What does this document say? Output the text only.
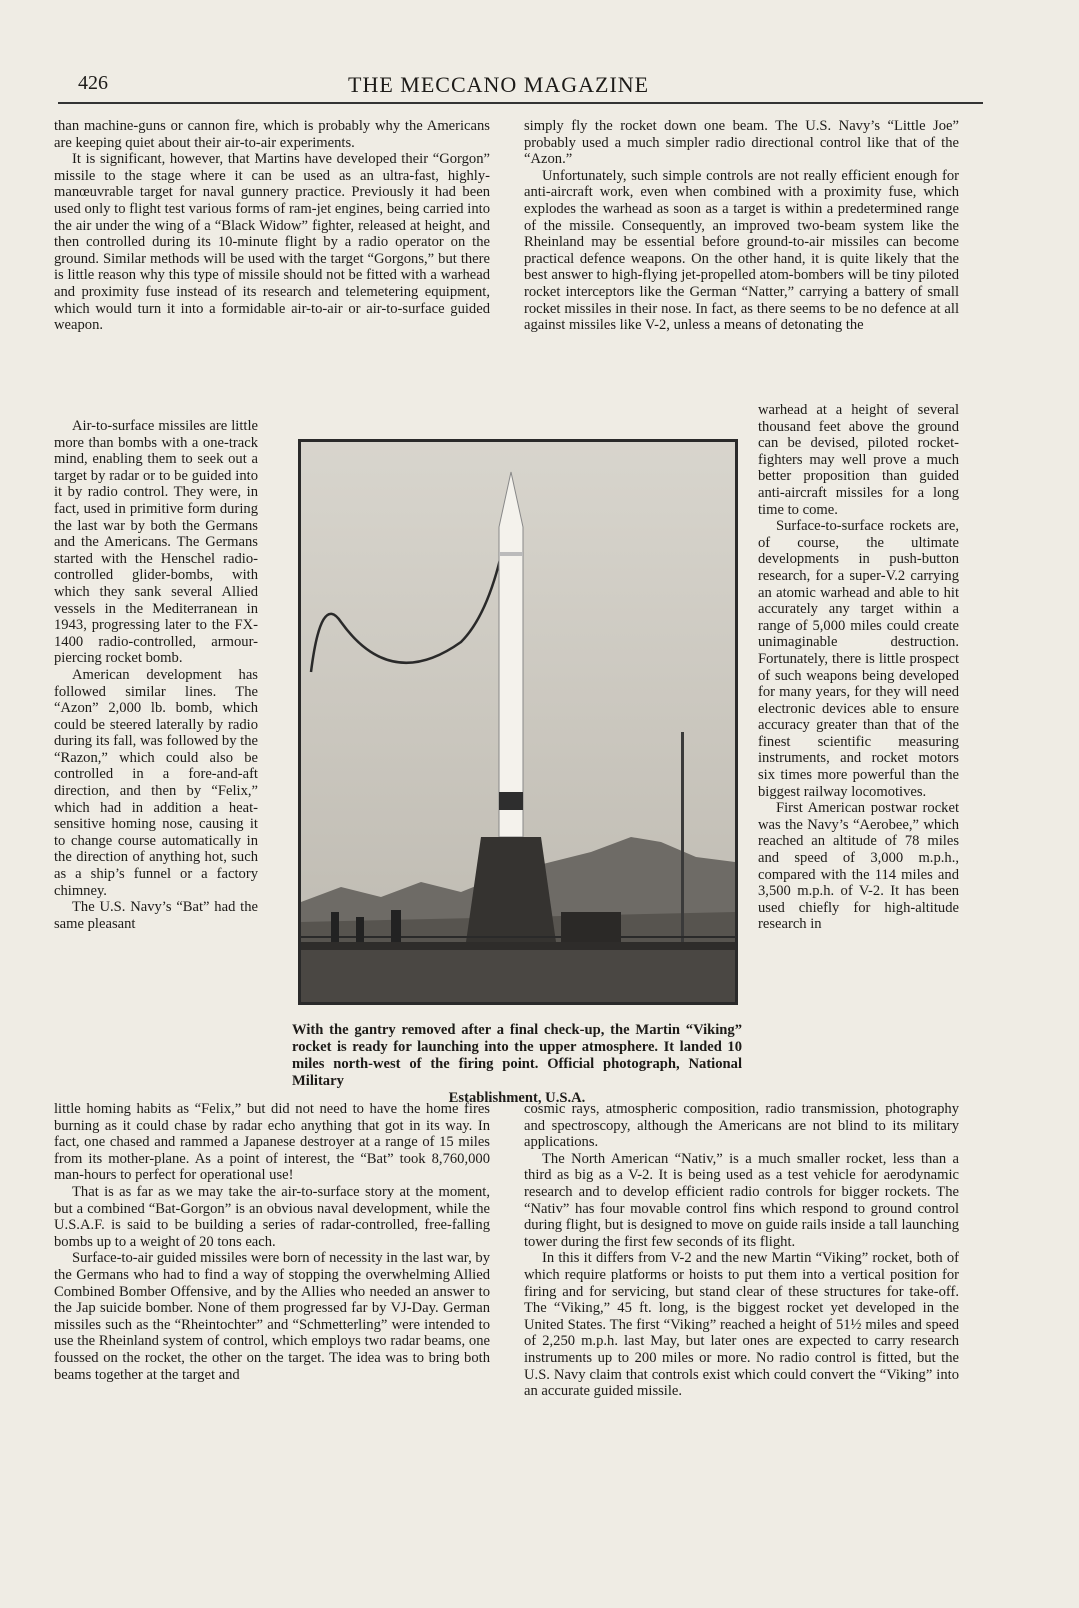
426	THE MECCANO MAGAZINE

than machine-guns or cannon fire, which is probably why the Americans are keeping quiet about their air-to-air experiments.

It is significant, however, that Martins have developed their “Gorgon” missile to the stage where it can be used as an ultra-fast, highly-manœuvrable target for naval gunnery practice. Previously it had been used only to flight test various forms of ram-jet engines, being carried into the air under the wing of a “Black Widow” fighter, released at height, and then controlled during its 10-minute flight by a radio operator on the ground. Similar methods will be used with the target “Gorgons,” but there is little reason why this type of missile should not be fitted with a warhead and proximity fuse instead of its research and telemetering equipment, which would turn it into a formidable air-to-air or air-to-surface guided weapon.

Air-to-surface missiles are little more than bombs with a one-track mind, enabling them to seek out a target by radar or to be guided into it by radio control. They were, in fact, used in primitive form during the last war by both the Germans and the Americans. The Germans started with the Henschel radio-controlled glider-bombs, with which they sank several Allied vessels in the Mediterranean in 1943, progressing later to the FX-1400 radio-controlled, armour-piercing rocket bomb.

American development has followed similar lines. The “Azon” 2,000 lb. bomb, which could be steered laterally by radio during its fall, was followed by the “Razon,” which could also be controlled in a fore-and-aft direction, and then by “Felix,” which had in addition a heat-sensitive homing nose, causing it to change course automatically in the direction of anything hot, such as a ship’s funnel or a factory chimney.

The U.S. Navy’s “Bat” had the same pleasant

little homing habits as “Felix,” but did not need to have the home fires burning as it could chase by radar echo anything that got in its way. In fact, one chased and rammed a Japanese destroyer at a range of 15 miles from its mother-plane. As a point of interest, the “Bat” took 8,760,000 man-hours to perfect for operational use!

That is as far as we may take the air-to-surface story at the moment, but a combined “Bat-Gorgon” is an obvious naval development, while the U.S.A.F. is said to be building a series of radar-controlled, free-falling bombs up to a weight of 20 tons each.

Surface-to-air guided missiles were born of necessity in the last war, by the Germans who had to find a way of stopping the overwhelming Allied Combined Bomber Offensive, and by the Allies who needed an answer to the Jap suicide bomber. None of them progressed far by VJ-Day. German missiles such as the “Rheintochter” and “Schmetterling” were intended to use the Rheinland system of control, which employs two radar beams, one foussed on the rocket, the other on the target. The idea was to bring both beams together at the target and

simply fly the rocket down one beam. The U.S. Navy’s “Little Joe” probably used a much simpler radio directional control like that of the “Azon.”

Unfortunately, such simple controls are not really efficient enough for anti-aircraft work, even when combined with a proximity fuse, which explodes the warhead as soon as a target is within a predetermined range of the missile. Consequently, an improved two-beam system like the Rheinland may be essential before ground-to-air missiles can become practical defence weapons. On the other hand, it is quite likely that the best answer to high-flying jet-propelled atom-bombers will be tiny piloted rocket interceptors like the German “Natter,” carrying a battery of small rocket missiles in their nose. In fact, as there seems to be no defence at all against missiles like V-2, unless a means of detonating the

warhead at a height of several thousand feet above the ground can be devised, piloted rocket-fighters may well prove a much better proposition than guided anti-aircraft missiles for a long time to come.

Surface-to-surface rockets are, of course, the ultimate developments in push-button research, for a super-V.2 carrying an atomic warhead and able to hit accurately any target within a range of 5,000 miles could create unimaginable destruction. Fortunately, there is little prospect of such weapons being developed for many years, for they will need electronic devices able to ensure accuracy greater than that of the finest scientific measuring instruments, and rocket motors six times more powerful than the biggest railway locomotives.

First American postwar rocket was the Navy’s “Aerobee,” which reached an altitude of 78 miles and speed of 3,000 m.p.h., compared with the 114 miles and 3,500 m.p.h. of V-2. It has been used chiefly for high-altitude research in

cosmic rays, atmospheric composition, radio transmission, photography and spectroscopy, although the Americans are not blind to its military applications.

The North American “Nativ,” is a much smaller rocket, less than a third as big as a V-2. It is being used as a test vehicle for aerodynamic research and to develop efficient radio controls for bigger rockets. The “Nativ” has four movable control fins which respond to ground control during flight, but is designed to move on guide rails inside a tall launching tower during the first few seconds of its flight.

In this it differs from V-2 and the new Martin “Viking” rocket, both of which require platforms or hoists to put them into a vertical position for firing and for servicing, but stand clear of these structures for take-off. The “Viking,” 45 ft. long, is the biggest rocket yet developed in the United States. The first “Viking” reached a height of 51½ miles and speed of 2,250 m.p.h. last May, but later ones are expected to carry research instruments up to 200 miles or more. No radio control is fitted, but the U.S. Navy claim that controls exist which could convert the “Viking” into an accurate guided missile.

With the gantry removed after a final check-up, the Martin “Viking” rocket is ready for launching into the upper atmosphere. It landed 10 miles north-west of the firing point. Official photograph, National Military
Establishment, U.S.A.
